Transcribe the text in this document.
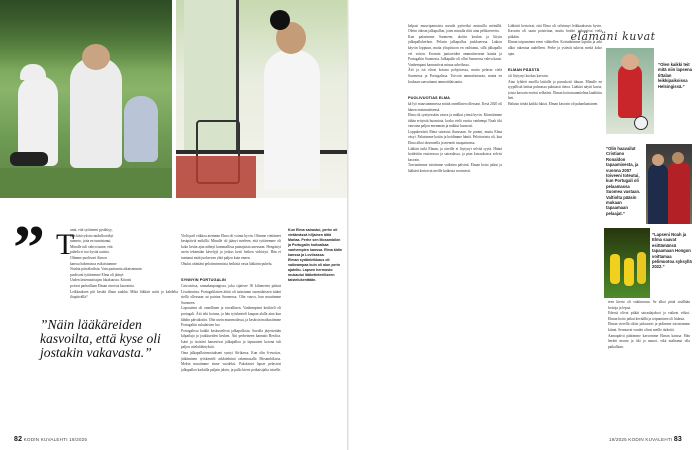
” T
unni, että syöämeni pysähtyy,
kun käsivyksin ruudulla näkyi
numero, joita en tunnistanut.
Minulle tuli vahva tunne, että
puhelu ei tuo hyvää uutista.
Olimme puolisoni Aimon
kanssa hakemassa esikoistamme
Noahia päiväkodista. Vain parituntia aikaisemmin
puolisoni tyttäremme Elma oli jäänyt
Uuden lastenuutisajan lokakuussa. Kiirasti
poitvat parhaillaan Elman aivoista kasvainta.
Leikkauksen piti kestää illaan saakka. Mikä liikkäri soitti jo kahdelta iltapäivällä?
”Näin lääkäreiden kasvoilta, että kyse oli jostakin vakavasta.”

Vielä parl viikkoa aiemmin Elma oli voinut hyvin. Olimme viettäneet kesäpäiviä mökillä. Minulle oli jäänyt mieleen, että tyttäremme oli koko kesän ajan nähnyt kummallisia painajaisia unessaan. Hengästyi usein tekemään kävelyjä ja joskus kesti hetken virkistyä. Hän ei tuntunut enää juoksevan yhtä paljon kuin ennen.
Ohuksi rääntäni pelottavimmista hetkistä vasta lääkärin puhelu.

SYNNYIN PORTUGALIN
Cascaisissa, rannakaupungissa, joka sijaitsee 30 kilometrin päässä Lissabonista. Portugalilaisen äitini oli tutustunut suomalaiseen isääni siellä ollessaan au pairina Suomessa. Olin vauva, kun muutimme Suomeen.
Lapsuuteni oli onnellinen ja turvallinen. Vanhempieni kotikieli oli portugali. Äiti teki kotona, ja hän työskenteli kaupan alalla aina kun lähdin päiväkotiin. Olin usein mummolassa, ja kesäisin matkustimme Portugaliin sukulaisten luo.
Portugalissa kaikki keskustelivat jalkapallosta. Suvulla järjestetään kilpailuja ja joukkueiden kesken. Äiti perheineen kannatti Benfica. Isäni ja isoisäni harrastivat jalkapalloa ja lapsuuteni kotona tuli paljon ottelulähetyksiä.
Oma jalkapalloinnostukseni syntyi Afrikassa. Kun olin 6-vuotias, jäikäminen työskenteli arkkitehtinä rakennusalla Mosambikissa. Mekin muutimme sinne vuodeksi. Pakolaiset lapset pelasivat jalkapalloa kaduilla paljain jaloin, ja pallo kiersi potkaisijalta toiselle.

Kun Elma sairastui, perhe oli vietämässä hiljainen äitiä Mariaa. Perhe sen Mosambikin ja Portugalin hoitoaikaa vanhempien kanssa. Elma äidin kanssa ja Loviisassa.
Elman sydänleikkaus oli vaikeampaa kuin oli alun perin ajateltu. Lapsen hermosto mukautui lääketieteelliseen taistelukenttään.
82 KODIN KUVALEHTI 19/2025

kelpasi muuvipanssista naruila pyöreiksi mutruilla mömillä. Oletin oikean jalkapallon, joten minulla riitti aina pelikavereita.
Kun palasimme Suomeen, aloitin koulun ja liityin jalkapallokerhon. Pelasin jalkapalloa joukkueessa. Lukion käyvin loppuun, mutta yliopistoon en vaihtanut, sillä jalkapallo vei voiton. Eronnin junioreiden ammattiseuran kautta ja Portugaliin Suomesta. Jalkapallo oli ollut Suomessa vahva kausi. Vanhempani kannustivat minua urheilussa.
Äiti ja isä olivat kotona pohjoisessa, mutta pelasin vielä Suomessa ja Portugalissa. Toivoin ammattiseuraa, mutta en koskaan saavuttanut ammattilaisuutta.

PUOLIVUOTIAS ELMA
kä lyö muuvanmmessa mittiä onnellinen ollessani. Kesä 2020 oli hänen ensimmäisensä.
Elma oli syntyessään vauva ja nukkui yönsä hyvin. Kiinnitimme tähän erityistä huomiota, koska vielä vuotta vanhempi Noah itki vauvana paljon enemmän ja nukkui huonosti.
Loppukesästä Elma sairastui flunssaan. Se parani, mutta Elma väsyi. Palasimme kotiin ja hoidimme häntä. Pelottavinta oli, kun Elma alkoi oksennella ja menetti tasapainonsa.
Lääkäri tutki Elman, ja oireille ei löytynyt selvää syytä. Häntä hoidettiin ensiavussa ja sairaalassa, ja pian kuvauksissa selvisi kasvain.
Turvautimme toisiimme vaikeina päivinä. Elman hoito jatkui ja lääkärit kertoivat meille kaikesta avoimesti.

Lääkärit kertoivat, että Elma oli selvinnyt leikkauksesta hyvin. Kasvain oli saatu poistettua, mutta hoidot jatkuisivat vielä pitkään.
Elman toipuminen eteni vähitellen. Kotiuduimme lopulta ja arki alkoi rakentua uudelleen. Perhe ja ystävät tukivat meitä koko ajan.

ELMAN PÄÄSTÄ
oli löytynyt kookas kasvain.
Aino lyhdeti nuoilla lattialle ja puruskotti itkuun. Minulle en tyypillistä lattiaa pulmassa puhtaasti tietoa. Lääkäri näytti kuvia, joista kasvain erottui selkeästi. Elman hoitosuunnitelma laadittiin heti.
Halusin tietää kaikki faktat. Elman kasvain oli pahanlaatuinen.

teen kierto oli vakiintunut. Se alkoi pitää sisällään hoitoja ja lepoa.
Edessä olivat pitkät sairaalajaksot ja vaikeat viikot. Elman hoito jatkui keväällä ja toipuminen oli hidasta.
Elman vierellä oltiin jatkuvasti ja pidimme toisistamme kiinni. Seuraavat vuodet olivat meille tärkeitä.
Aamupäivä päätimme kasvomme Elman kanssa. Hän herätti monta ja itki ja nauroi, eikä malttanut olla paikallaan.
elämäni kuvat
”Olen kaikki teit mitä niin lapsena Iittalan leikkipaikoissa Helsingissä.”
”Olin haavailut Cristiano Ronaldon tapaamisesta, ja vuonna 2007 toiveeni toteutui, kun Portugali oli pelaamassa Suomea vastaan. Valtiolta pääsin mukaan tapaamaan pelaajat.”
”Lapseni Noah ja Elma saavat esittämänsä tapaamaan Hongon voittamaa pelimuotoa syksyllä 2022.”
19/2025 KODIN KUVALEHTI 83
